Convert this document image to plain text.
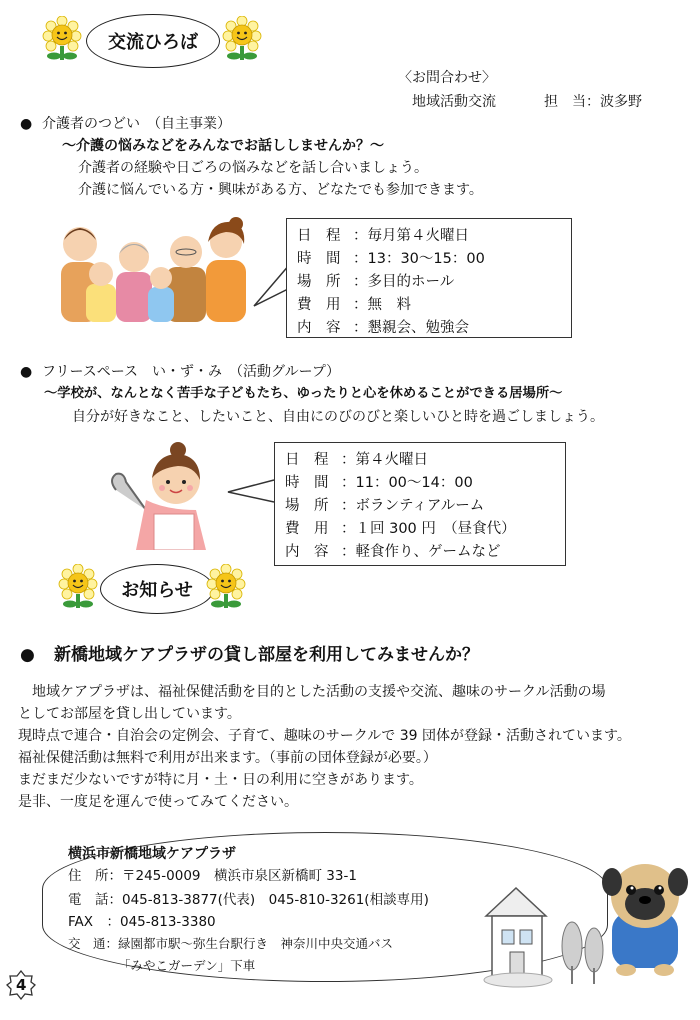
交流ひろば
〈お問合わせ〉
地域活動交流	担　当：波多野
● 介護者のつどい　（自主事業）
～介護の悩みなどをみんなでお話ししませんか？～
介護者の経験や日ごろの悩みなどを話し合いましょう。
介護に悩んでいる方・興味がある方、どなたでも参加できます。
日　程 ：毎月第４火曜日
時　間 ：13：30～15：00
場　所 ：多目的ホール
費　用 ：無　料
内　容 ：懇親会、勉強会
● フリースペース　い・ず・み　（活動グループ）
～学校が、なんとなく苦手な子どもたち、ゆったりと心を休めることができる居場所～
自分が好きなこと、したいこと、自由にのびのびと楽しいひと時を過ごしましょう。
日　程 ：第４火曜日
時　間 ：11：00～14：00
場　所 ：ボランティアルーム
費　用 ：１回 300 円　（昼食代）
内　容 ：軽食作り、ゲームなど
お知らせ
● 新橋地域ケアプラザの貸し部屋を利用してみませんか？
　地域ケアプラザは、福祉保健活動を目的とした活動の支援や交流、趣味のサークル活動の場
としてお部屋を貸し出しています。
現時点で連合・自治会の定例会、子育て、趣味のサークルで 39 団体が登録・活動されています。
福祉保健活動は無料で利用が出来ます。（事前の団体登録が必要。）
まだまだ少ないですが特に月・土・日の利用に空きがあります。
是非、一度足を運んで使ってみてください。
横浜市新橋地域ケアプラザ
住　所：〒245-0009　横浜市泉区新橋町 33-1
電　話：045-813-3877(代表)　045-810-3261(相談専用)
FAX　：045-813-3380
交　通：緑園都市駅～弥生台駅行き　神奈川中央交通バス
「みやこガーデン」下車
4
